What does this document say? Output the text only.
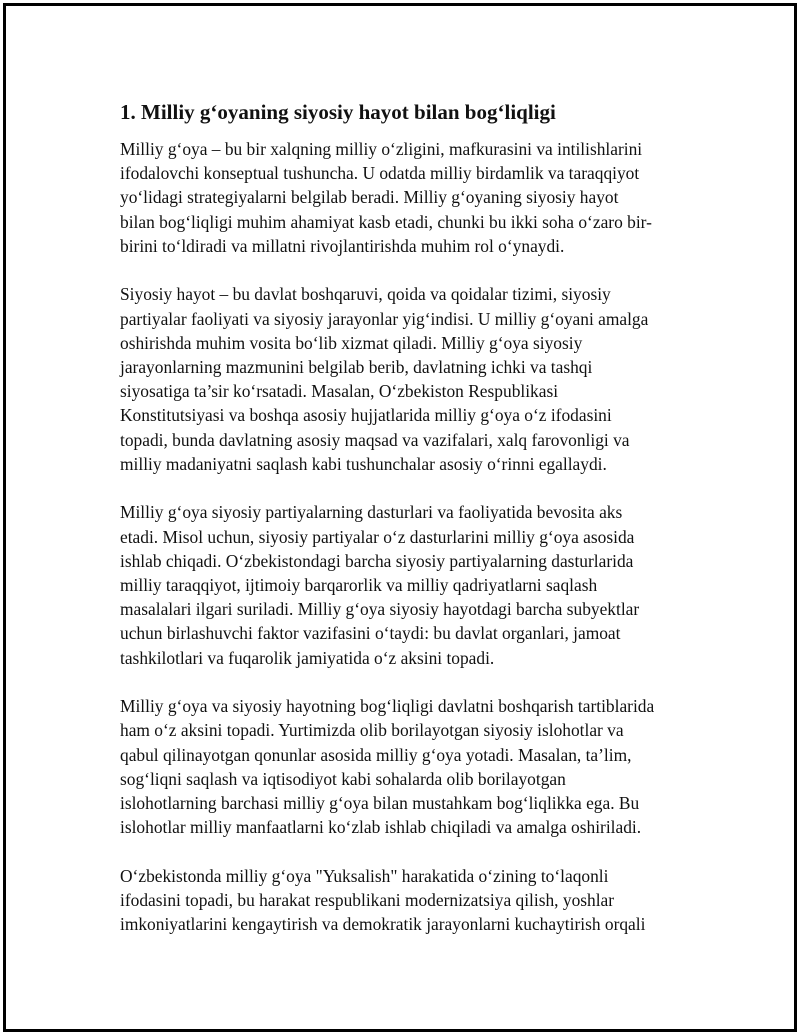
1. Milliy g‘oyaning siyosiy hayot bilan bog‘liqligi

Milliy g‘oya – bu bir xalqning milliy o‘zligini, mafkurasini va intilishlarini
ifodalovchi konseptual tushuncha. U odatda milliy birdamlik va taraqqiyot
yo‘lidagi strategiyalarni belgilab beradi. Milliy g‘oyaning siyosiy hayot
bilan bog‘liqligi muhim ahamiyat kasb etadi, chunki bu ikki soha o‘zaro bir-
birini to‘ldiradi va millatni rivojlantirishda muhim rol o‘ynaydi.

Siyosiy hayot – bu davlat boshqaruvi, qoida va qoidalar tizimi, siyosiy
partiyalar faoliyati va siyosiy jarayonlar yig‘indisi. U milliy g‘oyani amalga
oshirishda muhim vosita bo‘lib xizmat qiladi. Milliy g‘oya siyosiy
jarayonlarning mazmunini belgilab berib, davlatning ichki va tashqi
siyosatiga ta’sir ko‘rsatadi. Masalan, O‘zbekiston Respublikasi
Konstitutsiyasi va boshqa asosiy hujjatlarida milliy g‘oya o‘z ifodasini
topadi, bunda davlatning asosiy maqsad va vazifalari, xalq farovonligi va
milliy madaniyatni saqlash kabi tushunchalar asosiy o‘rinni egallaydi.

Milliy g‘oya siyosiy partiyalarning dasturlari va faoliyatida bevosita aks
etadi. Misol uchun, siyosiy partiyalar o‘z dasturlarini milliy g‘oya asosida
ishlab chiqadi. O‘zbekistondagi barcha siyosiy partiyalarning dasturlarida
milliy taraqqiyot, ijtimoiy barqarorlik va milliy qadriyatlarni saqlash
masalalari ilgari suriladi. Milliy g‘oya siyosiy hayotdagi barcha subyektlar
uchun birlashuvchi faktor vazifasini o‘taydi: bu davlat organlari, jamoat
tashkilotlari va fuqarolik jamiyatida o‘z aksini topadi.

Milliy g‘oya va siyosiy hayotning bog‘liqligi davlatni boshqarish tartiblarida
ham o‘z aksini topadi. Yurtimizda olib borilayotgan siyosiy islohotlar va
qabul qilinayotgan qonunlar asosida milliy g‘oya yotadi. Masalan, ta’lim,
sog‘liqni saqlash va iqtisodiyot kabi sohalarda olib borilayotgan
islohotlarning barchasi milliy g‘oya bilan mustahkam bog‘liqlikka ega. Bu
islohotlar milliy manfaatlarni ko‘zlab ishlab chiqiladi va amalga oshiriladi.

O‘zbekistonda milliy g‘oya "Yuksalish" harakatida o‘zining to‘laqonli
ifodasini topadi, bu harakat respublikani modernizatsiya qilish, yoshlar
imkoniyatlarini kengaytirish va demokratik jarayonlarni kuchaytirish orqali
